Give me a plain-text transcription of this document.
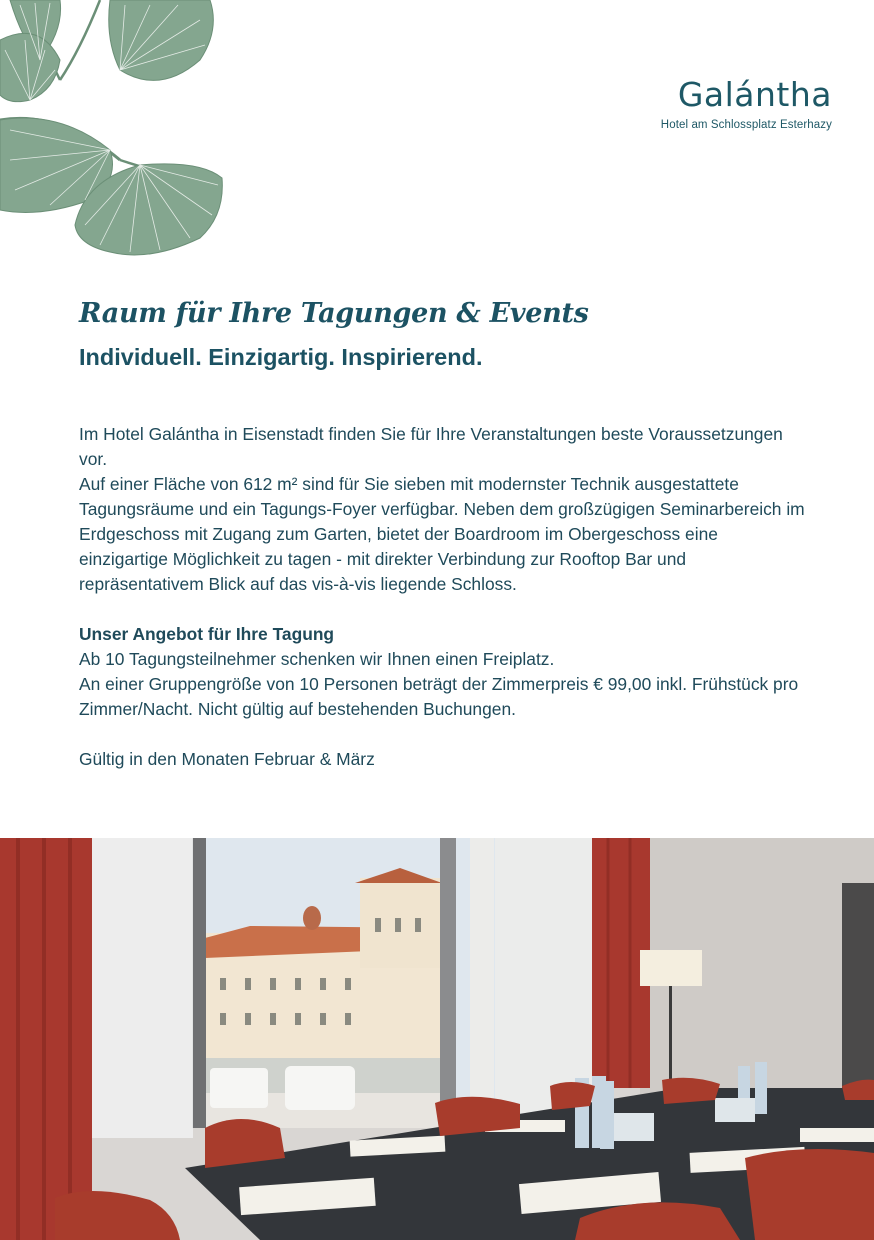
Galántha
Hotel am Schlossplatz Esterhazy
Raum für Ihre Tagungen & Events
Individuell. Einzigartig. Inspirierend.

Im Hotel Galántha in Eisenstadt finden Sie für Ihre Veranstaltungen beste Voraussetzungen vor.

Auf einer Fläche von 612 m² sind für Sie sieben mit modernster Technik ausgestattete Tagungsräume und ein Tagungs-Foyer verfügbar. Neben dem großzügigen Seminarbereich im Erdgeschoss mit Zugang zum Garten, bietet der Boardroom im Obergeschoss eine einzigartige Möglichkeit zu tagen - mit direkter Verbindung zur Rooftop Bar und repräsentativem Blick auf das vis-à-vis liegende Schloss.

Unser Angebot für Ihre Tagung

Ab 10 Tagungsteilnehmer schenken wir Ihnen einen Freiplatz.

An einer Gruppengröße von 10 Personen beträgt der Zimmerpreis € 99,00 inkl. Frühstück pro Zimmer/Nacht. Nicht gültig auf bestehenden Buchungen.

Gültig in den Monaten Februar & März
